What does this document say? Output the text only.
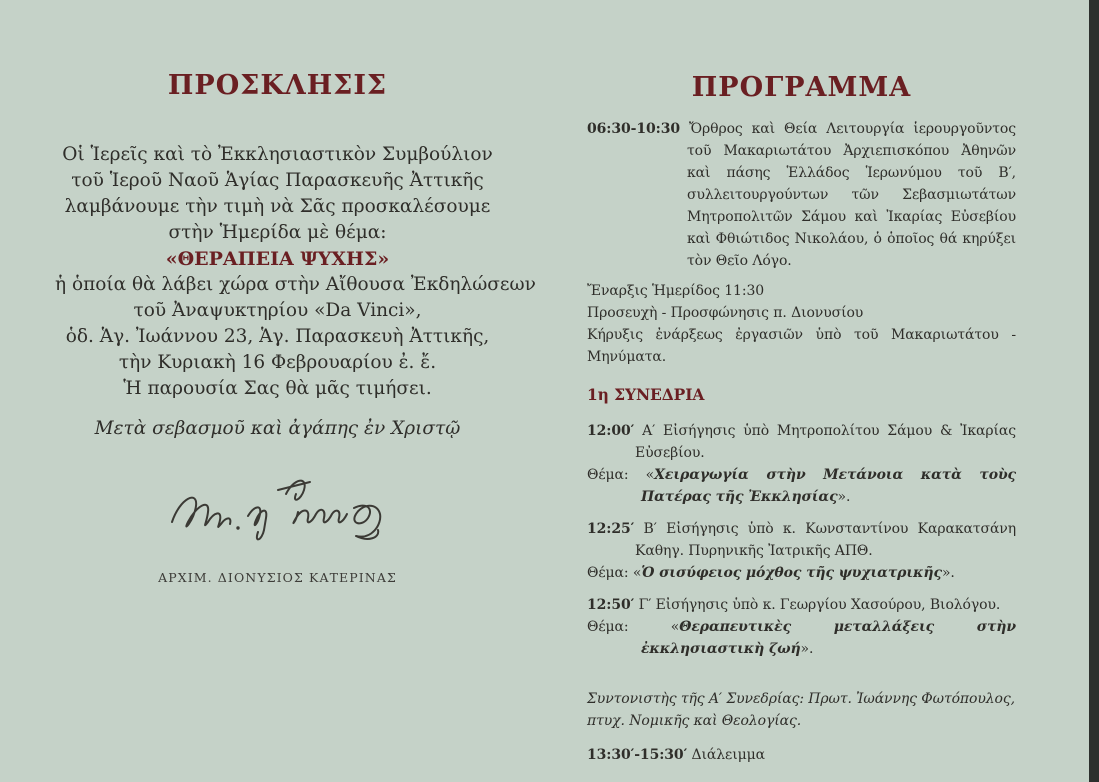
ΠΡΟΣΚΛΗΣΙΣ
Οἱ Ἱερεῖς καὶ τὸ Ἐκκλησιαστικὸν Συμβούλιον
τοῦ Ἱεροῦ Ναοῦ Ἁγίας Παρασκευῆς Ἀττικῆς
λαμβάνουμε τὴν τιμὴ νὰ Σᾶς προσκαλέσουμε
στὴν Ἡμερίδα μὲ θέμα:
«ΘΕΡΑΠΕΙΑ ΨΥΧΗΣ»
ἡ ὁποία θὰ λάβει χώρα στὴν Αἴθουσα Ἐκδηλώσεων
τοῦ Ἀναψυκτηρίου «Da Vinci»,
ὁδ. Ἁγ. Ἰωάννου 23, Ἁγ. Παρασκευὴ Ἀττικῆς,
τὴν Κυριακὴ 16 Φεβρουαρίου ἐ. ἔ.
Ἡ παρουσία Σας θὰ μᾶς τιμήσει.
Μετὰ σεβασμοῦ καὶ ἀγάπης ἐν Χριστῷ
ΑΡΧΙΜ. ΔΙΟΝΥΣΙΟΣ ΚΑΤΕΡΙΝΑΣ
ΠΡΟΓΡΑΜΜΑ

06:30-10:30 Ὄρθρος καὶ Θεία Λειτουργία ἱερουργοῦντος τοῦ Μακαριωτάτου Ἀρχιεπισκόπου Ἀθηνῶν καὶ πάσης Ἑλλάδος Ἱερωνύμου τοῦ Β′, συλλειτουργούντων τῶν Σεβασμιωτάτων Μητροπολιτῶν Σάμου καὶ Ἰκαρίας Εὐσεβίου καὶ Φθιώτιδος Νικολάου, ὁ ὁποῖος θά κηρύξει τὸν Θεῖο Λόγο.

Ἔναρξις Ἡμερίδος 11:30

Προσευχὴ - Προσφώνησις π. Διονυσίου

Κήρυξις ἐνάρξεως ἐργασιῶν ὑπὸ τοῦ Μακαριωτάτου - Μηνύματα.

1η ΣΥΝΕΔΡΙΑ

12:00′ Α′ Εἰσήγησις ὑπὸ Μητροπολίτου Σάμου & Ἰκαρίας Εὐσεβίου.

Θέμα: «Χειραγωγία στὴν Μετάνοια κατὰ τοὺς Πατέρας τῆς Ἐκκλησίας».

12:25′ Β′ Εἰσήγησις ὑπὸ κ. Κωνσταντίνου Καρακατσάνη Καθηγ. Πυρηνικῆς Ἰατρικῆς ΑΠΘ.

Θέμα: «Ὁ σισύφειος μόχθος τῆς ψυχιατρικῆς».

12:50′ Γ′ Εἰσήγησις ὑπὸ κ. Γεωργίου Χασούρου, Βιολόγου.

Θέμα: «Θεραπευτικὲς μεταλλάξεις στὴν ἐκκλησιαστικὴ ζωή».

Συντονιστὴς τῆς Α′ Συνεδρίας: Πρωτ. Ἰωάννης Φωτόπουλος,
πτυχ. Νομικῆς καὶ Θεολογίας.

13:30′-15:30′ Διάλειμμα
